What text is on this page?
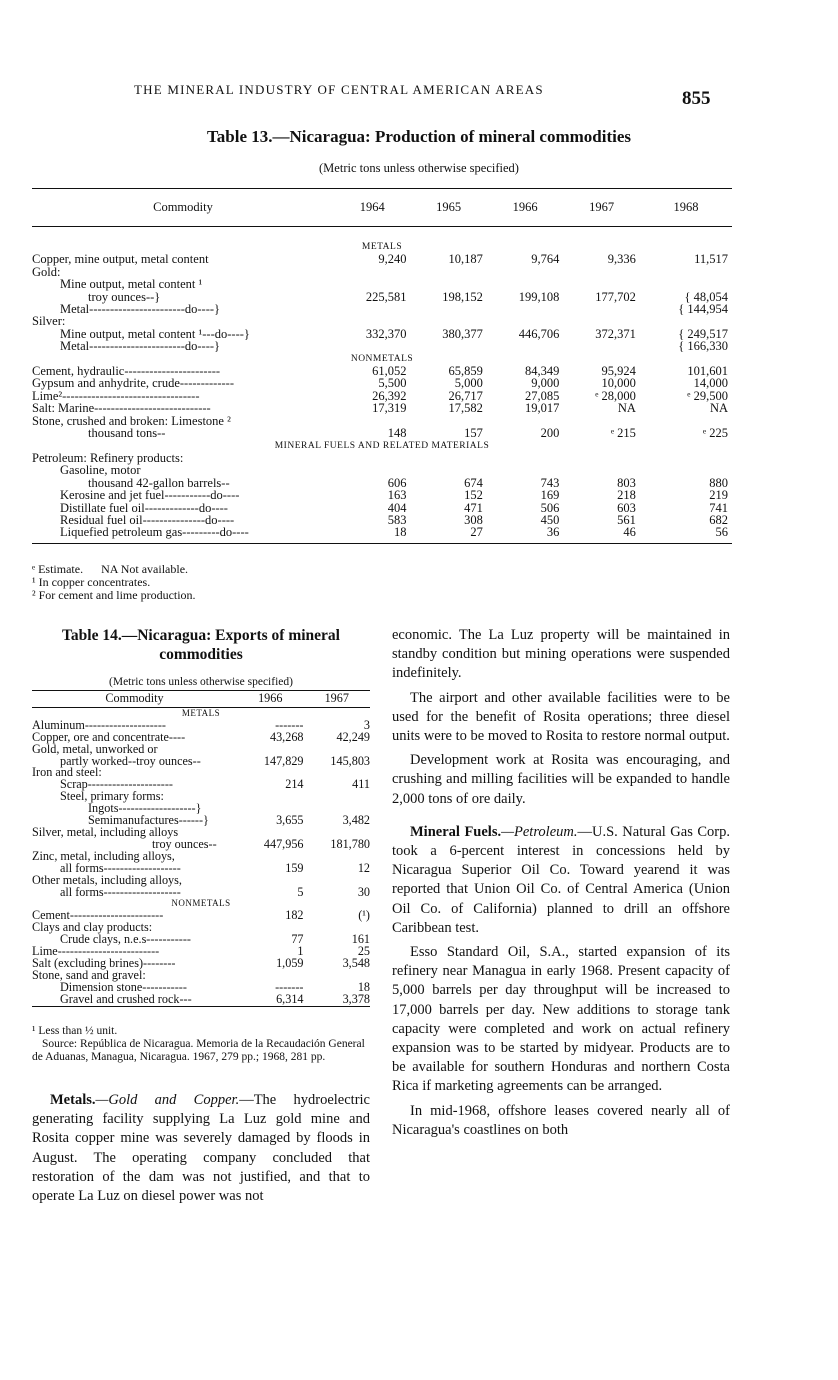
THE MINERAL INDUSTRY OF CENTRAL AMERICAN AREAS	855
Table 13.—Nicaragua: Production of mineral commodities
(Metric tons unless otherwise specified)
Commodity	1964	1965	1966	1967	1968
METALS					
Copper, mine output, metal content	9,240	10,187	9,764	9,336	11,517
Gold:					
Mine output, metal content ¹					
troy ounces--}	225,581	198,152	199,108	177,702	{ 48,054
Metal-----------------------do----}					{ 144,954
Silver:					
Mine output, metal content ¹---do----}	332,370	380,377	446,706	372,371	{ 249,517
Metal-----------------------do----}					{ 166,330
NONMETALS					
Cement, hydraulic-----------------------	61,052	65,859	84,349	95,924	101,601
Gypsum and anhydrite, crude-------------	5,500	5,000	9,000	10,000	14,000
Lime²---------------------------------	26,392	26,717	27,085	ᵉ 28,000	ᵉ 29,500
Salt: Marine----------------------------	17,319	17,582	19,017	NA	NA
Stone, crushed and broken: Limestone ²					
thousand tons--	148	157	200	ᵉ 215	ᵉ 225
MINERAL FUELS AND RELATED MATERIALS					
Petroleum: Refinery products:					
Gasoline, motor					
thousand 42-gallon barrels--	606	674	743	803	880
Kerosine and jet fuel-----------do----	163	152	169	218	219
Distillate fuel oil-------------do----	404	471	506	603	741
Residual fuel oil---------------do----	583	308	450	561	682
Liquefied petroleum gas---------do----	18	27	36	46	56
ᵉ Estimate.      NA Not available.
¹ In copper concentrates.
² For cement and lime production.
Table 14.—Nicaragua: Exports of mineral commodities
(Metric tons unless otherwise specified)
Commodity	1966	1967
METALS		
Aluminum--------------------	-------	3
Copper, ore and concentrate----	43,268	42,249
Gold, metal, unworked or		
partly worked--troy ounces--	147,829	145,803
Iron and steel:		
Scrap---------------------	214	411
Steel, primary forms:		
Ingots-------------------}		
Semimanufactures------}	3,655	3,482
Silver, metal, including alloys		
troy ounces--	447,956	181,780
Zinc, metal, including alloys,		
all forms-------------------	159	12
Other metals, including alloys,		
all forms-------------------	5	30
NONMETALS		
Cement-----------------------	182	(¹)
Clays and clay products:		
Crude clays, n.e.s-----------	77	161
Lime-------------------------	1	25
Salt (excluding brines)--------	1,059	3,548
Stone, sand and gravel:		
Dimension stone-----------	-------	18
Gravel and crushed rock---	6,314	3,378
¹ Less than ½ unit.
Source: República de Nicaragua. Memoria de la Recaudación General de Aduanas, Managua, Nicaragua. 1967, 279 pp.; 1968, 281 pp.

Metals.—Gold and Copper.—The hydroelectric generating facility supplying La Luz gold mine and Rosita copper mine was severely damaged by floods in August. The operating company concluded that restoration of the dam was not justified, and that to operate La Luz on diesel power was not

economic. The La Luz property will be maintained in standby condition but mining operations were suspended indefinitely.

The airport and other available facilities were to be used for the benefit of Rosita operations; three diesel units were to be moved to Rosita to restore normal output.

Development work at Rosita was encouraging, and crushing and milling facilities will be expanded to handle 2,000 tons of ore daily.

Mineral Fuels.—Petroleum.—U.S. Natural Gas Corp. took a 6-percent interest in concessions held by Nicaragua Superior Oil Co. Toward yearend it was reported that Union Oil Co. of Central America (Union Oil Co. of California) planned to drill an offshore Caribbean test.

Esso Standard Oil, S.A., started expansion of its refinery near Managua in early 1968. Present capacity of 5,000 barrels per day throughput will be increased to 17,000 barrels per day. New additions to storage tank capacity were completed and work on actual refinery expansion was to be started by midyear. Products are to be available for southern Honduras and northern Costa Rica if marketing agreements can be arranged.

In mid-1968, offshore leases covered nearly all of Nicaragua's coastlines on both
